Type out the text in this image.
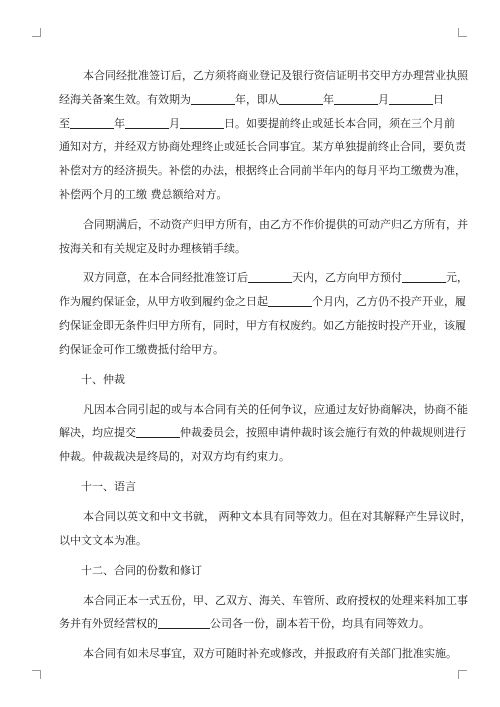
本合同经批准签订后，乙方须将商业登记及银行资信证明书交甲方办理营业执照
经海关备案生效。有效期为	年，即从	年	月	日
至	年	月	日。如要提前终止或延长本合同，须在三个月前
通知对方，并经双方协商处理终止或延长合同事宜。某方单独提前终止合同，要负责
补偿对方的经济损失。补偿的办法，根据终止合同前半年内的每月平均工缴费为准，
补偿两个月的工缴 费总额给对方。
合同期满后，不动资产归甲方所有，由乙方不作价提供的可动产归乙方所有，并
按海关和有关规定及时办理核销手续。
双方同意，在本合同经批准签订后	天内，乙方向甲方预付	元，
作为履约保证金，从甲方收到履约金之日起	个月内，乙方仍不投产开业，履
约保证金即无条件归甲方所有，同时，甲方有权废约。如乙方能按时投产开业，该履
约保证金可作工缴费抵付给甲方。
十、仲裁
凡因本合同引起的或与本合同有关的任何争议，应通过友好协商解决，协商不能
解决，均应提交	仲裁委员会，按照申请仲裁时该会施行有效的仲裁规则进行
仲裁。仲裁裁决是终局的，对双方均有约束力。
十一、语言
本合同以英文和中文书就， 两种文本具有同等效力。但在对其解释产生异议时，
以中文文本为准。
十二、合同的份数和修订
本合同正本一式五份，甲、乙双方、海关、车管所、政府授权的处理来料加工事
务并有外贸经营权的	公司各一份，副本若干份，均具有同等效力。
本合同有如未尽事宜，双方可随时补充或修改，并报政府有关部门批准实施。
